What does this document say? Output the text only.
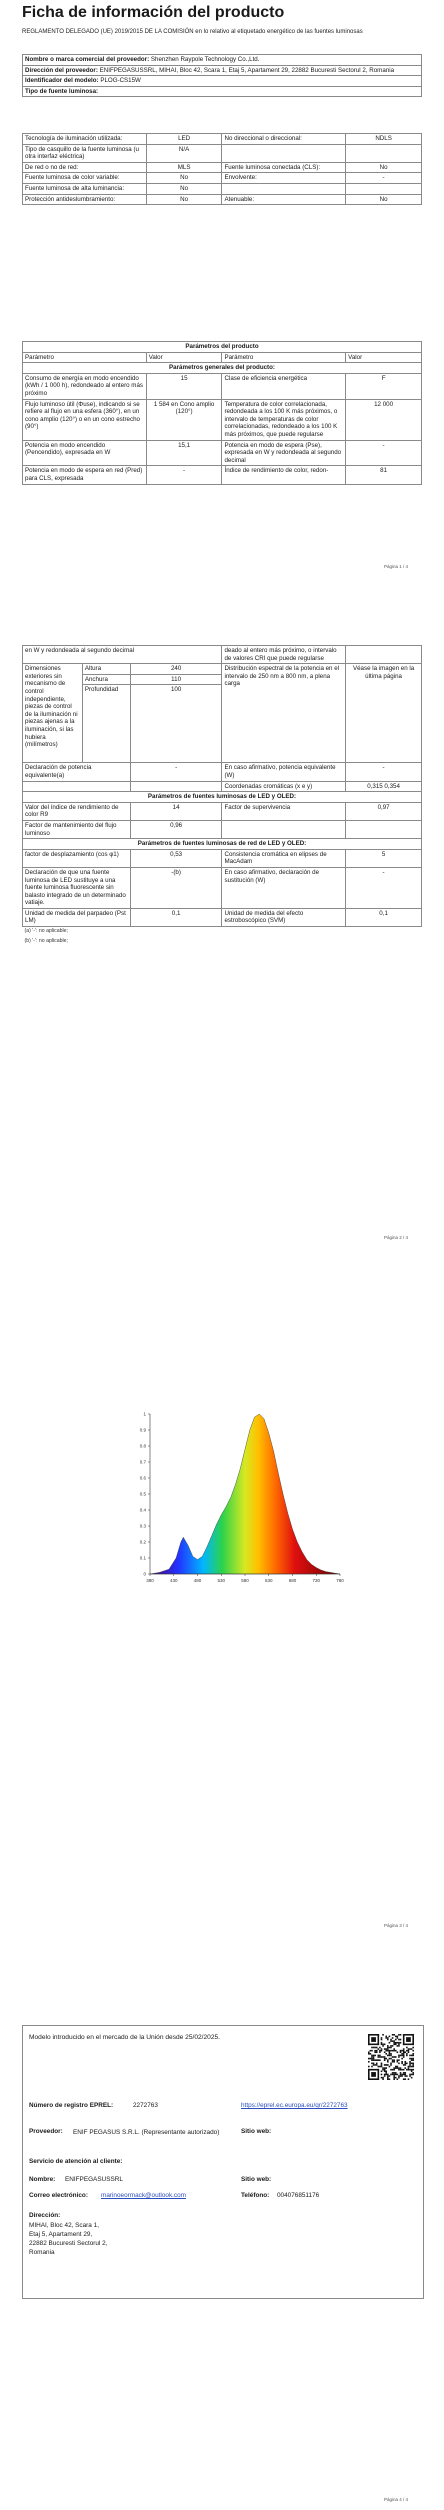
Ficha de información del producto
REGLAMENTO DELEGADO (UE) 2019/2015 DE LA COMISIÓN en lo relativo al etiquetado energético de las fuentes luminosas
Nombre o marca comercial del proveedor: Shenzhen Raypole Technology Co.,Ltd.
Dirección del proveedor: ENIFPEGASUSSRL, MIHAI, Bloc 42, Scara 1, Etaj 5, Apartament 29, 22882 Bucuresti Sectorul 2, Romania
Identificador del modelo: PLOG-CS15W
Tipo de fuente luminosa:
Tecnología de iluminación utilizada:	LED	No direccional o direccional:	NDLS
Tipo de casquillo de la fuente luminosa (u otra interfaz eléctrica)	N/A		
De red o no de red:	MLS	Fuente luminosa conectada (CLS):	No
Fuente luminosa de color variable:	No	Envolvente:	-
Fuente luminosa de alta luminancia:	No		
Protección antideslumbramiento:	No	Atenuable:	No
Parámetros del producto			
Parámetro	Valor	Parámetro	Valor
Parámetros generales del producto:			
Consumo de energía en modo encendido (kWh / 1 000 h), redondeado al entero más próximo	15	Clase de eficiencia energética	F
Flujo luminoso útil (Φuse), indicando si se refiere al flujo en una esfera (360°), en un cono amplio (120°) o en un cono estrecho (90°)	1 584 en Cono amplio (120°)	Temperatura de color correlacionada, redondeada a los 100 K más próximos, o intervalo de temperaturas de color correlacionadas, redondeado a los 100 K más próximos, que puede regularse	12 000
Potencia en modo encendido (Pencendido), expresada en W	15,1	Potencia en modo de espera (Pse), expresada en W y redondeada al segundo decimal	-
Potencia en modo de espera en red (Pred) para CLS, expresada	-	Índice de rendimiento de color, redon-	81
Página 1 / 4
en W y redondeada al segundo decimal			deado al entero más próximo, o intervalo de valores CRI que puede regularse	
Dimensiones exteriores sin mecanismo de control independiente, piezas de control de la iluminación ni piezas ajenas a la iluminación, si las hubiera (milímetros)	Altura	240	Distribución espectral de la potencia en el intervalo de 250 nm a 800 nm, a plena carga	Véase la imagen en la última página
	Anchura	110		
	Profundidad	100		
Declaración de potencia equivalente(a)		-	En caso afirmativo, potencia equivalente (W)	-
			Coordenadas cromáticas (x e y)	0,315 0,354
Parámetros de fuentes luminosas de LED y OLED:				
Valor del índice de rendimiento de color R9		14	Factor de supervivencia	0,97
Factor de mantenimiento del flujo luminoso		0,96		
Parámetros de fuentes luminosas de red de LED y OLED:				
factor de desplazamiento (cos φ1)		0,53	Consistencia cromática en elipses de MacAdam	5
Declaración de que una fuente luminosa de LED sustituye a una fuente luminosa fluorescente sin balasto integrado de un determinado vatiaje.		-(b)	En caso afirmativo, declaración de sustitución (W)	-
Unidad de medida del parpadeo (Pst LM)		0,1	Unidad de medida del efecto estroboscópico (SVM)	0,1
(a) '-': no aplicable;				
(b) '-': no aplicable;				
Página 2 / 4
380	430	480	530	580	630	680	730	780
0
0.1
0.2
0.3
0.4
0.5
0.6
0.7
0.8
0.9
1
Página 3 / 4
Modelo introducido en el mercado de la Unión desde 25/02/2025.
Número de registro EPREL:	2272763	https://eprel.ec.europa.eu/qr/2272763
Proveedor: ENIF PEGASUS S.R.L. (Representante autorizado)	Sitio web:
Servicio de atención al cliente:
Nombre: ENIFPEGASUSSRL	Sitio web:
Correo electrónico: marinoeormack@outlook.com	Teléfono: 004076851176
Dirección:
MIHAI, Bloc 42, Scara 1,
Etaj 5, Apartament 29,
22882 Bucuresti Sectorul 2,
Romania
Página 4 / 4
